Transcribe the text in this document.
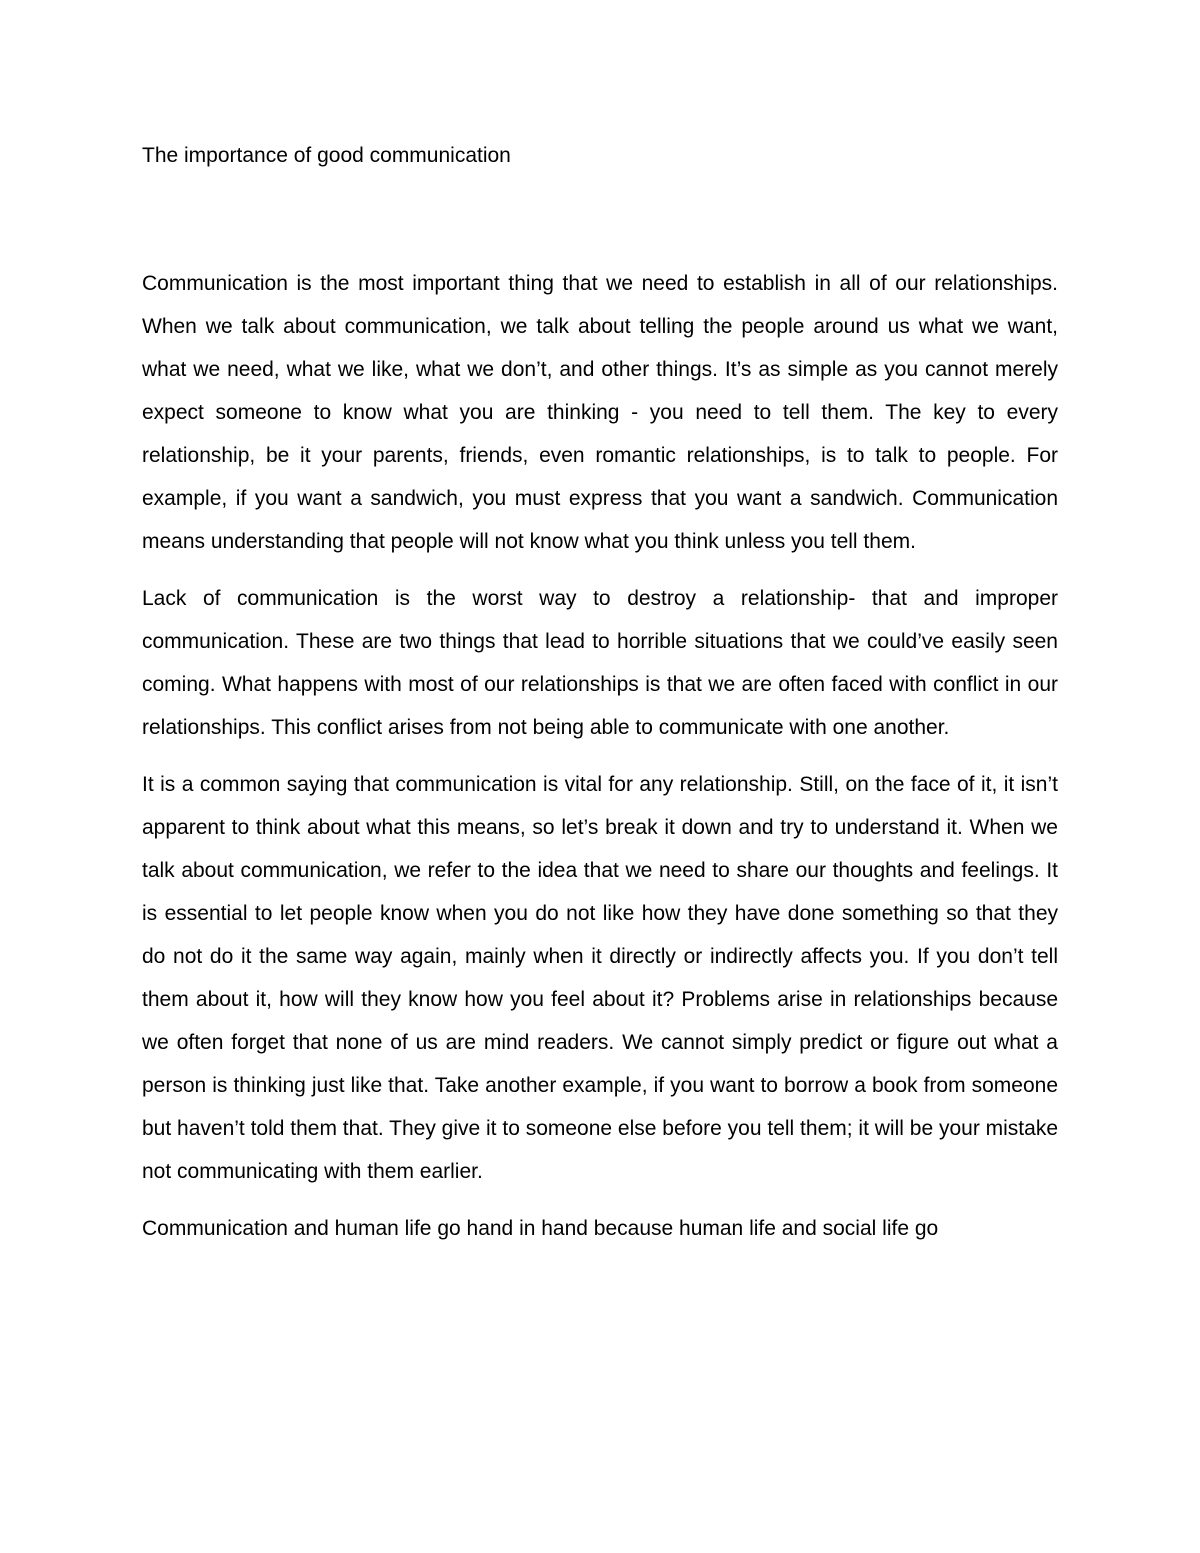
The importance of good communication

Communication is the most important thing that we need to establish in all of our relationships. When we talk about communication, we talk about telling the people around us what we want, what we need, what we like, what we don’t, and other things. It’s as simple as you cannot merely expect someone to know what you are thinking - you need to tell them. The key to every relationship, be it your parents, friends, even romantic relationships, is to talk to people. For example, if you want a sandwich, you must express that you want a sandwich. Communication means understanding that people will not know what you think unless you tell them.

Lack of communication is the worst way to destroy a relationship- that and improper communication. These are two things that lead to horrible situations that we could’ve easily seen coming. What happens with most of our relationships is that we are often faced with conflict in our relationships. This conflict arises from not being able to communicate with one another.

It is a common saying that communication is vital for any relationship. Still, on the face of it, it isn’t apparent to think about what this means, so let’s break it down and try to understand it. When we talk about communication, we refer to the idea that we need to share our thoughts and feelings. It is essential to let people know when you do not like how they have done something so that they do not do it the same way again, mainly when it directly or indirectly affects you. If you don’t tell them about it, how will they know how you feel about it? Problems arise in relationships because we often forget that none of us are mind readers. We cannot simply predict or figure out what a person is thinking just like that. Take another example, if you want to borrow a book from someone but haven’t told them that. They give it to someone else before you tell them; it will be your mistake not communicating with them earlier.

Communication and human life go hand in hand because human life and social life go
